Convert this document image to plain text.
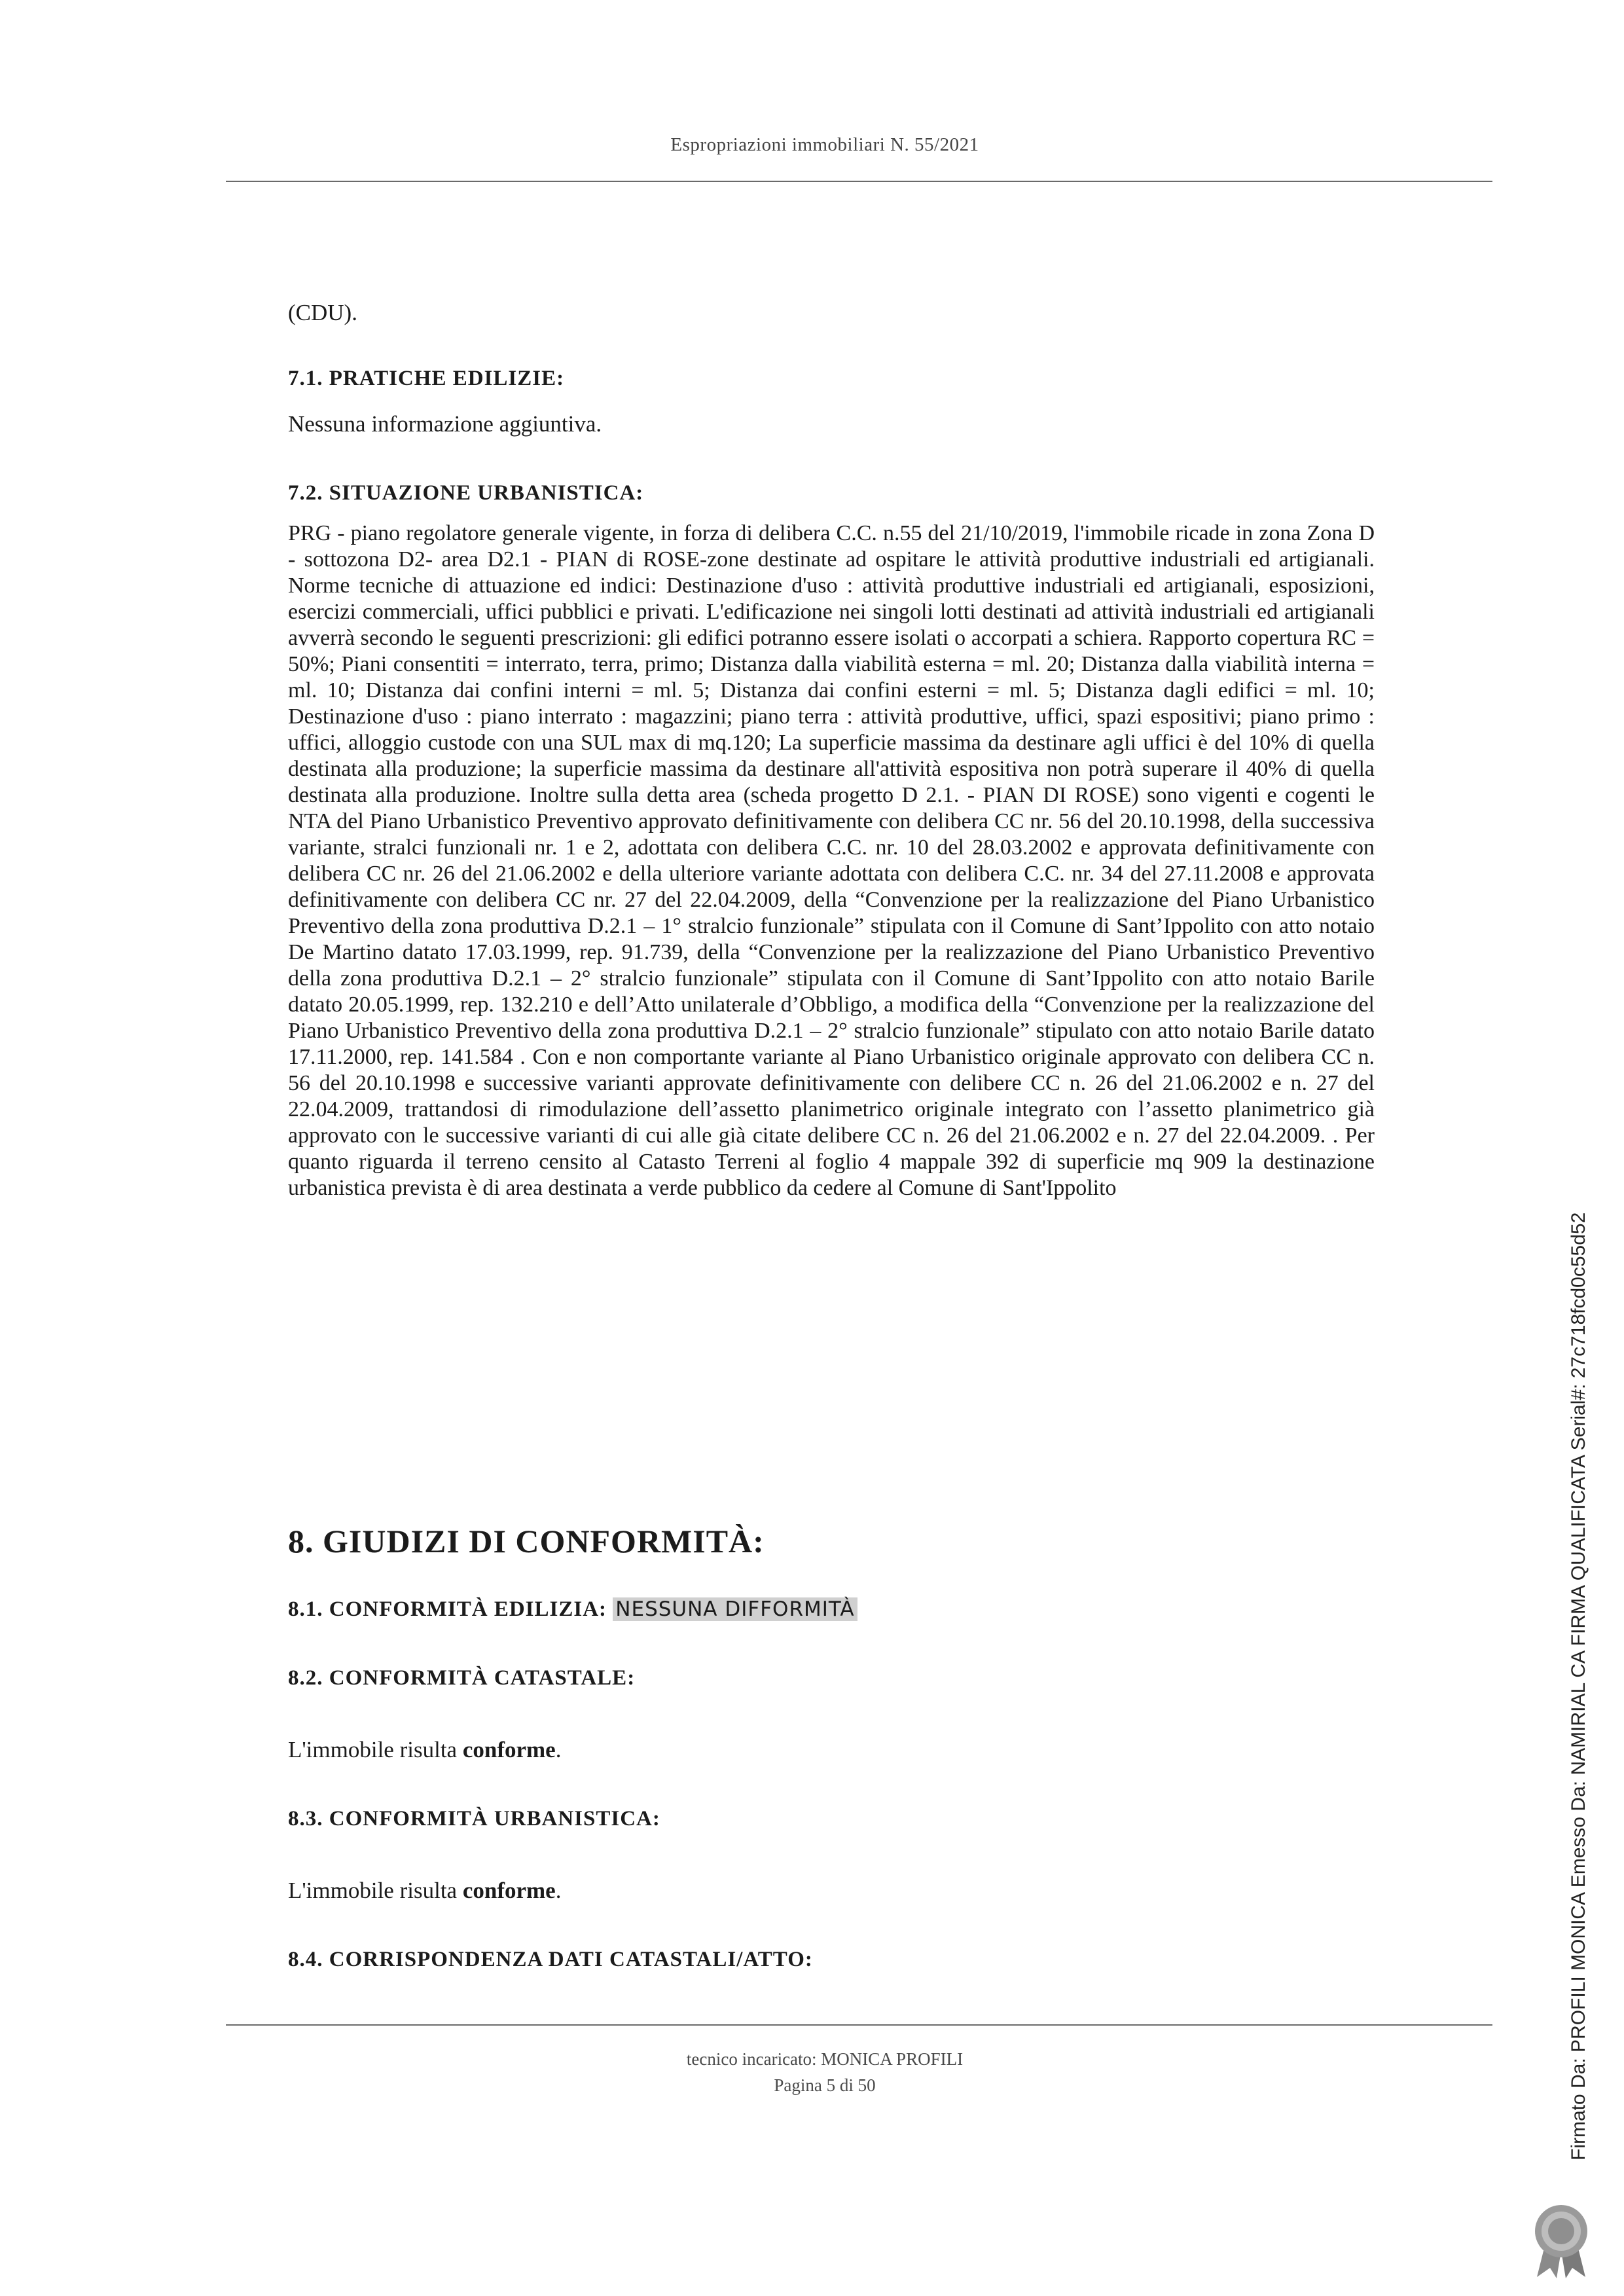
Espropriazioni immobiliari N. 55/2021

(CDU).

7.1. PRATICHE EDILIZIE:

Nessuna informazione aggiuntiva.

7.2. SITUAZIONE URBANISTICA:

PRG - piano regolatore generale vigente, in forza di delibera C.C. n.55 del 21/10/2019, l'immobile ricade in zona Zona D - sottozona D2- area D2.1 - PIAN di ROSE-zone destinate ad ospitare le attività produttive industriali ed artigianali. Norme tecniche di attuazione ed indici: Destinazione d'uso : attività produttive industriali ed artigianali, esposizioni, esercizi commerciali, uffici pubblici e privati. L'edificazione nei singoli lotti destinati ad attività industriali ed artigianali avverrà secondo le seguenti prescrizioni: gli edifici potranno essere isolati o accorpati a schiera. Rapporto copertura RC = 50%; Piani consentiti = interrato, terra, primo; Distanza dalla viabilità esterna = ml. 20; Distanza dalla viabilità interna = ml. 10; Distanza dai confini interni = ml. 5; Distanza dai confini esterni = ml. 5; Distanza dagli edifici = ml. 10; Destinazione d'uso : piano interrato : magazzini; piano terra : attività produttive, uffici, spazi espositivi; piano primo : uffici, alloggio custode con una SUL max di mq.120; La superficie massima da destinare agli uffici è del 10% di quella destinata alla produzione; la superficie massima da destinare all'attività espositiva non potrà superare il 40% di quella destinata alla produzione. Inoltre sulla detta area (scheda progetto D 2.1. - PIAN DI ROSE) sono vigenti e cogenti le NTA del Piano Urbanistico Preventivo approvato definitivamente con delibera CC nr. 56 del 20.10.1998, della successiva variante, stralci funzionali nr. 1 e 2, adottata con delibera C.C. nr. 10 del 28.03.2002 e approvata definitivamente con delibera CC nr. 26 del 21.06.2002 e della ulteriore variante adottata con delibera C.C. nr. 34 del 27.11.2008 e approvata definitivamente con delibera CC nr. 27 del 22.04.2009, della “Convenzione per la realizzazione del Piano Urbanistico Preventivo della zona produttiva D.2.1 – 1° stralcio funzionale” stipulata con il Comune di Sant’Ippolito con atto notaio De Martino datato 17.03.1999, rep. 91.739, della “Convenzione per la realizzazione del Piano Urbanistico Preventivo della zona produttiva D.2.1 – 2° stralcio funzionale” stipulata con il Comune di Sant’Ippolito con atto notaio Barile datato 20.05.1999, rep. 132.210 e dell’Atto unilaterale d’Obbligo, a modifica della “Convenzione per la realizzazione del Piano Urbanistico Preventivo della zona produttiva D.2.1 – 2° stralcio funzionale” stipulato con atto notaio Barile datato 17.11.2000, rep. 141.584 . Con e non comportante variante al Piano Urbanistico originale approvato con delibera CC n. 56 del 20.10.1998 e successive varianti approvate definitivamente con delibere CC n. 26 del 21.06.2002 e n. 27 del 22.04.2009, trattandosi di rimodulazione dell’assetto planimetrico originale integrato con l’assetto planimetrico già approvato con le successive varianti di cui alle già citate delibere CC n. 26 del 21.06.2002 e n. 27 del 22.04.2009. . Per quanto riguarda il terreno censito al Catasto Terreni al foglio 4 mappale 392 di superficie mq 909 la destinazione urbanistica prevista è di area destinata a verde pubblico da cedere al Comune di Sant'Ippolito

8. GIUDIZI DI CONFORMITÀ:

8.1. CONFORMITÀ EDILIZIA: NESSUNA DIFFORMITÀ

8.2. CONFORMITÀ CATASTALE:

L'immobile risulta conforme.

8.3. CONFORMITÀ URBANISTICA:

L'immobile risulta conforme.

8.4. CORRISPONDENZA DATI CATASTALI/ATTO:

tecnico incaricato: MONICA PROFILI
Pagina 5 di 50	Firmato Da: PROFILI MONICA Emesso Da: NAMIRIAL CA FIRMA QUALIFICATA Serial#: 27c718fcd0c55d52
